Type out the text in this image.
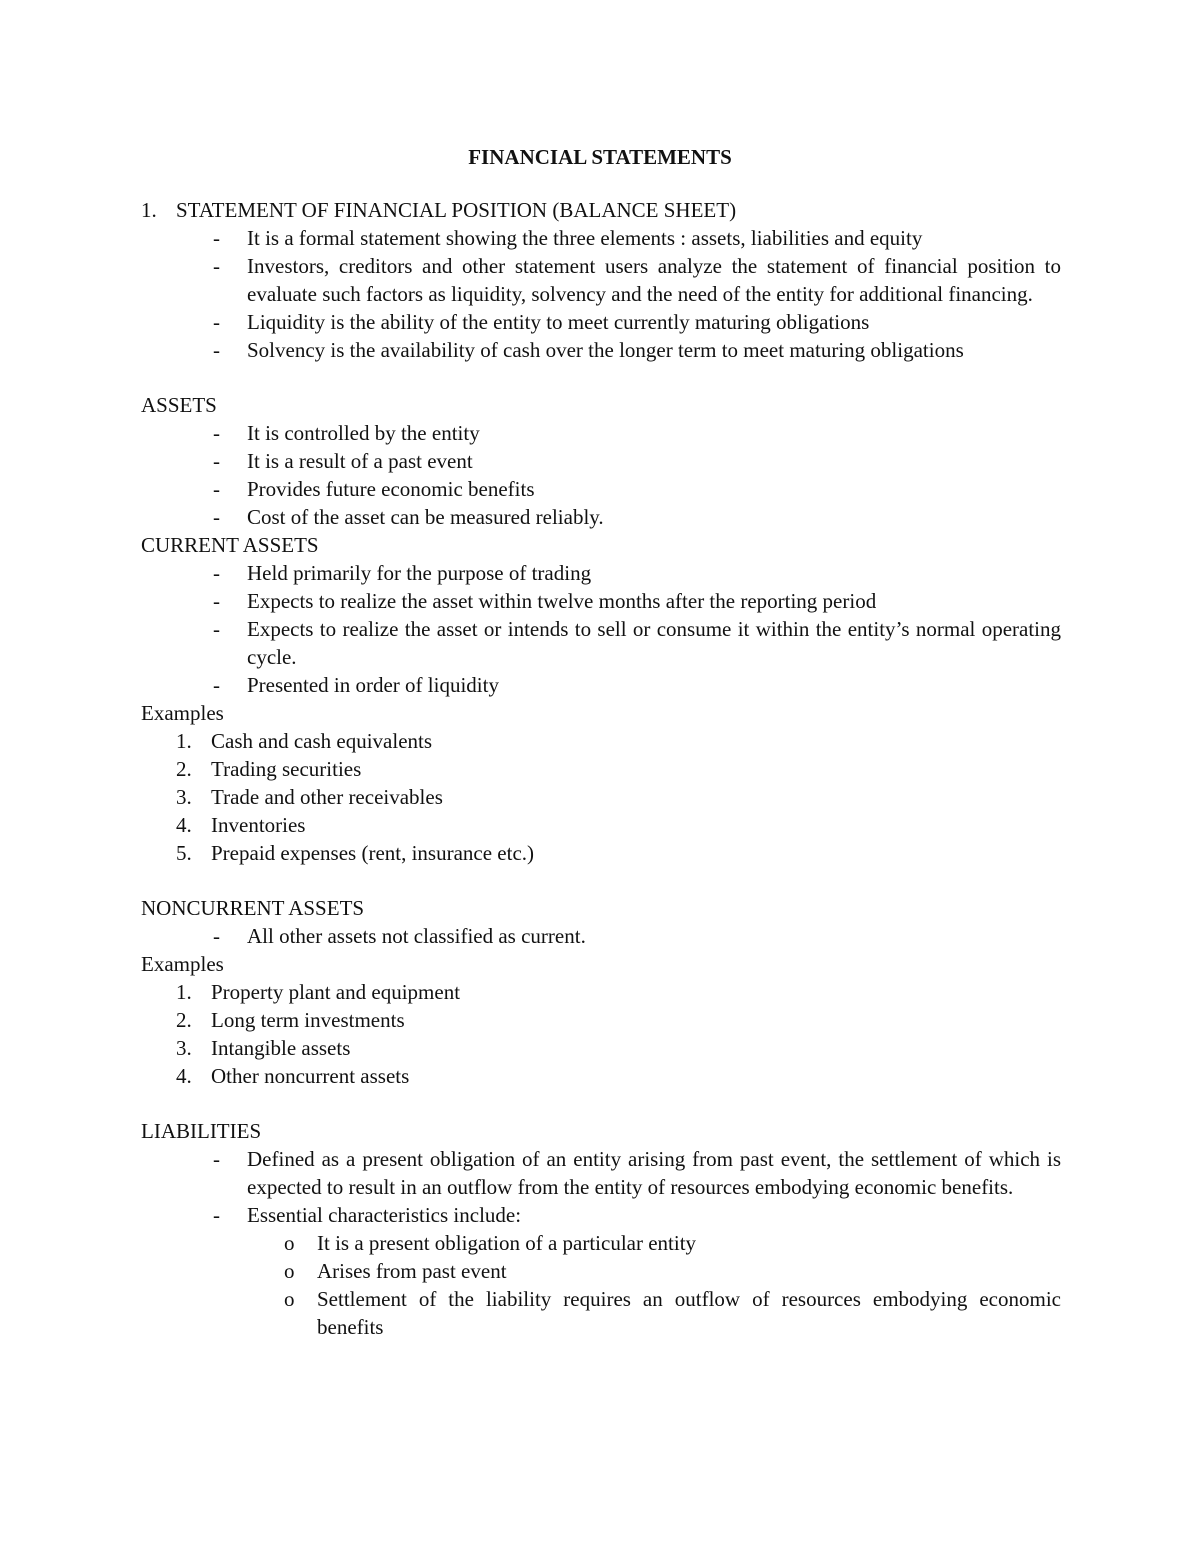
FINANCIAL STATEMENTS
1. STATEMENT OF FINANCIAL POSITION (BALANCE SHEET)
- It is a formal statement showing the three elements : assets, liabilities and equity
- Investors, creditors and other statement users analyze the statement of financial position to evaluate such factors as liquidity, solvency and the need of the entity for additional financing.
- Liquidity is the ability of the entity to meet currently maturing obligations
- Solvency is the availability of cash over the longer term to meet maturing obligations
ASSETS
- It is controlled by the entity
- It is a result of a past event
- Provides future economic benefits
- Cost of the asset can be measured reliably.
CURRENT ASSETS
- Held primarily for the purpose of trading
- Expects to realize the asset within twelve months after the reporting period
- Expects to realize the asset or intends to sell or consume it within the entity’s normal operating cycle.
- Presented in order of liquidity
Examples
1. Cash and cash equivalents
2. Trading securities
3. Trade and other receivables
4. Inventories
5. Prepaid expenses (rent, insurance etc.)
NONCURRENT ASSETS
- All other assets not classified as current.
Examples
1. Property plant and equipment
2. Long term investments
3. Intangible assets
4. Other noncurrent assets
LIABILITIES
- Defined as a present obligation of an entity arising from past event, the settlement of which is expected to result in an outflow from the entity of resources embodying economic benefits.
- Essential characteristics include:
o It is a present obligation of a particular entity
o Arises from past event
o Settlement of the liability requires an outflow of resources embodying economic benefits
